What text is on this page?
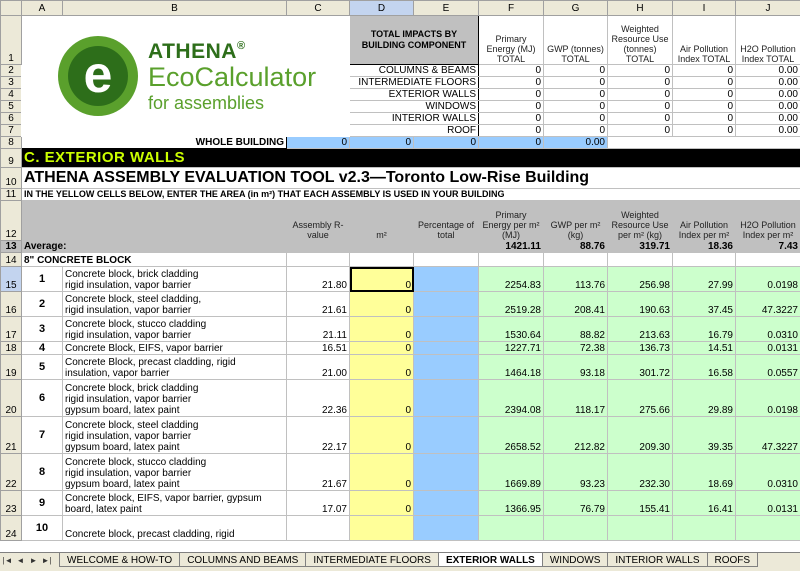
	A	B	C	D	E	F	G	H	I	J
1	e ATHENA®
EcoCalculator
for assemblies			TOTAL IMPACTS BY BUILDING COMPONENT		Primary Energy (MJ) TOTAL	GWP (tonnes) TOTAL	Weighted Resource Use (tonnes) TOTAL	Air Pollution Index TOTAL	H2O Pollution Index TOTAL
2				COLUMNS & BEAMS		0	0	0	0	0.00
3				INTERMEDIATE FLOORS		0	0	0	0	0.00
4				EXTERIOR WALLS		0	0	0	0	0.00
5				WINDOWS		0	0	0	0	0.00
6				INTERIOR WALLS		0	0	0	0	0.00
7				ROOF		0	0	0	0	0.00
8	WHOLE BUILDING		0	0	0	0	0.00			
9	C. EXTERIOR WALLS									
10	ATHENA ASSEMBLY EVALUATION TOOL v2.3—Toronto Low-Rise Building									
11	IN THE YELLOW CELLS BELOW, ENTER THE AREA (in m²) THAT EACH ASSEMBLY IS USED IN YOUR BUILDING									
12			Assembly R-value	m²	Percentage of total	Primary Energy per m² (MJ)	GWP per m² (kg)	Weighted Resource Use per m² (kg)	Air Pollution Index per m²	H2O Pollution Index per m²
13	Average:					1421.11	88.76	319.71	18.36	7.43
14	8" CONCRETE BLOCK									
15	1	Concrete block, brick cladding
rigid insulation, vapor barrier	21.80	0		2254.83	113.76	256.98	27.99	0.0198
16	2	Concrete block, steel cladding,
rigid insulation, vapor barrier	21.61	0		2519.28	208.41	190.63	37.45	47.3227
17	3	Concrete block, stucco cladding
rigid insulation, vapor barrier	21.11	0		1530.64	88.82	213.63	16.79	0.0310
18	4	Concrete Block, EIFS, vapor barrier	16.51	0		1227.71	72.38	136.73	14.51	0.0131
19	5	Concrete Block, precast cladding, rigid
insulation, vapor barrier	21.00	0		1464.18	93.18	301.72	16.58	0.0557
20	6	Concrete block, brick cladding
rigid insulation, vapor barrier
gypsum board, latex paint	22.36	0		2394.08	118.17	275.66	29.89	0.0198
21	7	Concrete block, steel cladding
rigid insulation, vapor barrier
gypsum board, latex paint	22.17	0		2658.52	212.82	209.30	39.35	47.3227
22	8	Concrete block, stucco cladding
rigid insulation, vapor barrier
gypsum board, latex paint	21.67	0		1669.89	93.23	232.30	18.69	0.0310
23	9	Concrete block, EIFS, vapor barrier, gypsum
board, latex paint	17.07	0		1366.95	76.79	155.41	16.41	0.0131
24	10	Concrete block, precast cladding, rigid								
|◄ ◄ ► ►|	WELCOME & HOW-TO	COLUMNS AND BEAMS	INTERMEDIATE FLOORS	EXTERIOR WALLS	WINDOWS	INTERIOR WALLS	ROOFS
